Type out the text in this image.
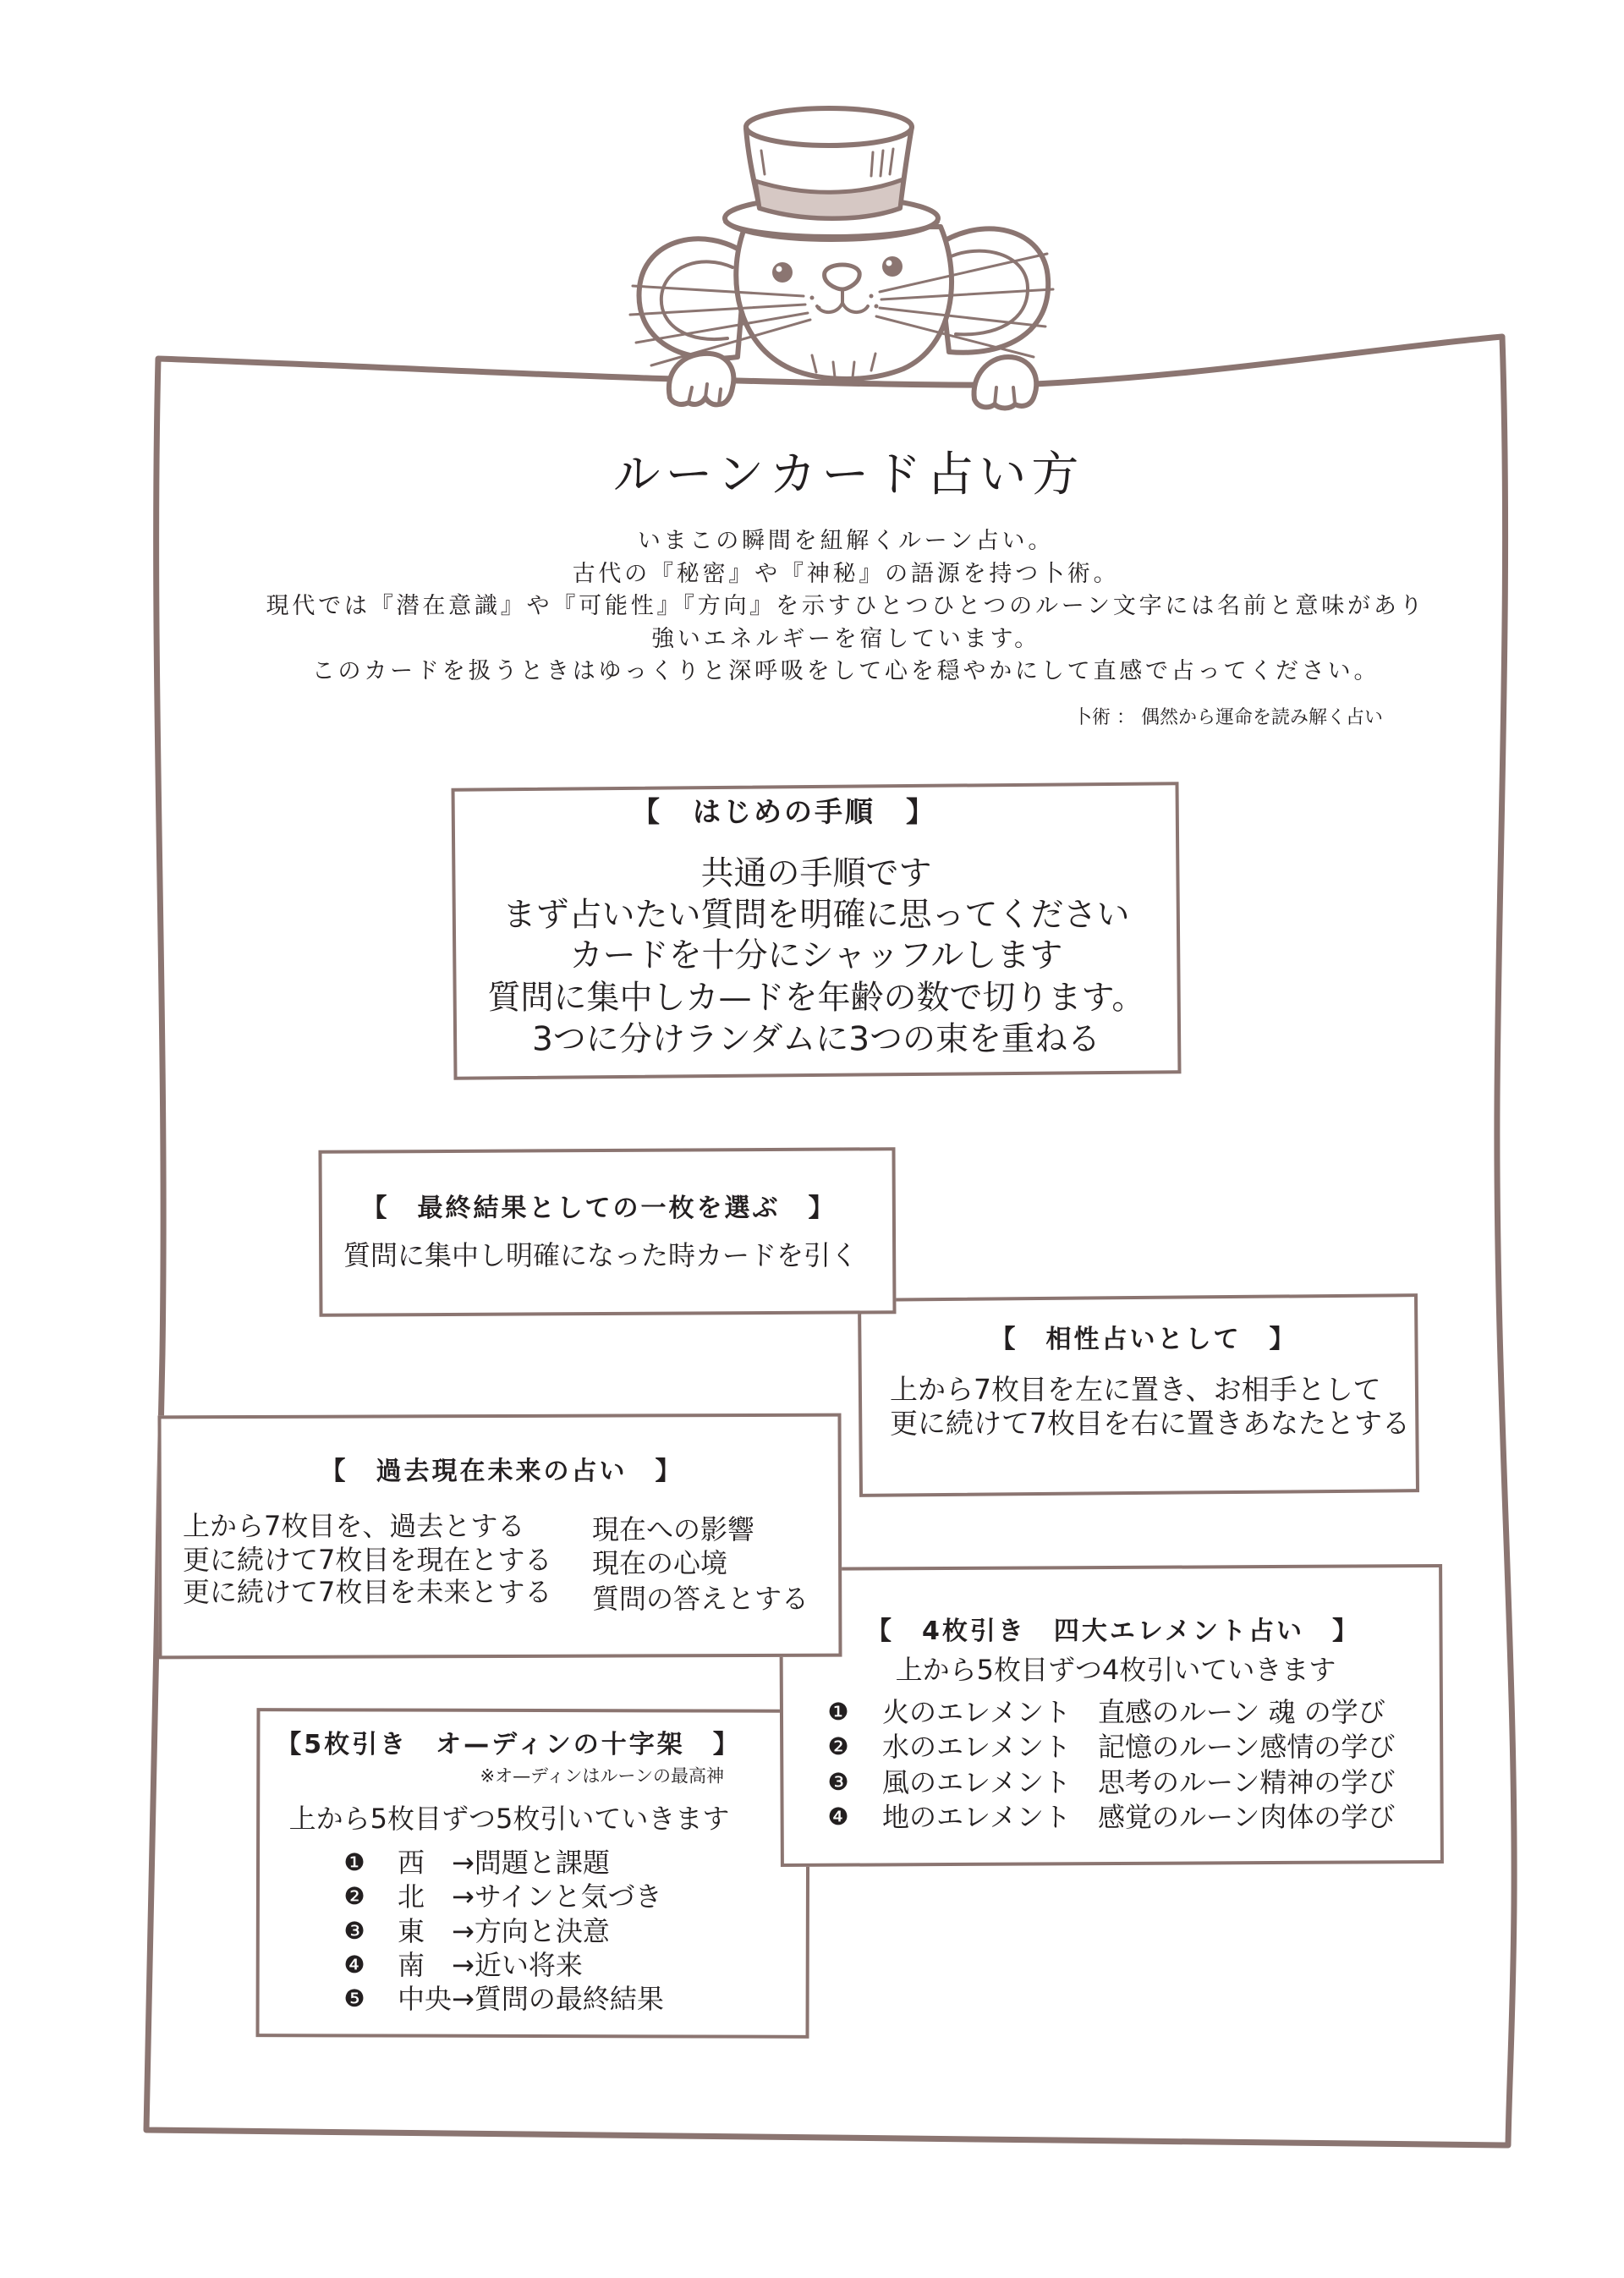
ルーンカード占い方
いまこの瞬間を紐解くルーン占い。
古代の『秘密』や『神秘』の語源を持つ卜術。
現代では『潜在意識』や『可能性』『方向』を示すひとつひとつのルーン文字には名前と意味があり
強いエネルギーを宿しています。
このカードを扱うときはゆっくりと深呼吸をして心を穏やかにして直感で占ってください。
卜術 ： 偶然から運命を読み解く占い
【　はじめの手順　】
共通の手順です
まず占いたい質問を明確に思ってください
カードを十分にシャッフルします
質問に集中しカ—ドを年齢の数で切ります。
3つに分けランダムに3つの束を重ねる
【　相性占いとして　】
上から7枚目を左に置き、お相手として
更に続けて7枚目を右に置きあなたとする
【　最終結果としての一枚を選ぶ　】
質問に集中し明確になった時カードを引く
【5枚引き　オ—ディンの十字架　】
※オ—ディンはルーンの最高神
上から5枚目ずつ5枚引いていきます
❶ 西　→問題と課題
❷ 北　→サインと気づき
❸ 東　→方向と決意
❹ 南　→近い将来
❺ 中央→質問の最終結果
【　4枚引き　四大エレメント占い　】
上から5枚目ずつ4枚引いていきます
❶ 火のエレメント　直感のルーン 魂 の学び
❷ 水のエレメント　記憶のルーン感情の学び
❸ 風のエレメント　思考のルーン精神の学び
❹ 地のエレメント　感覚のルーン肉体の学び
【　過去現在未来の占い　】
上から7枚目を、過去とする
更に続けて7枚目を現在とする
更に続けて7枚目を未来とする
現在への影響
現在の心境
質問の答えとする
